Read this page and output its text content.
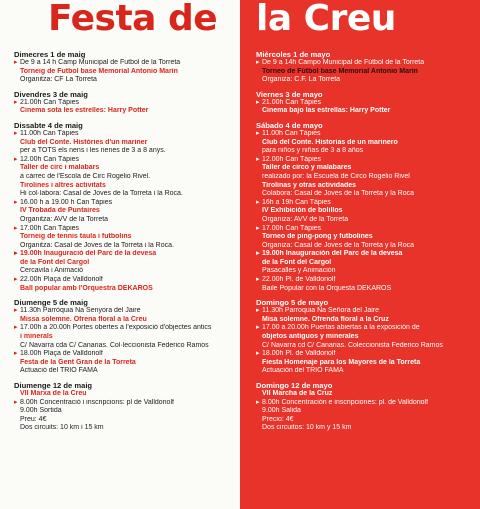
Festa de la Creu
Dimecres 1 de maig
▸ De 9 a 14 h Camp Municipal de Futbol de la Torreta
Torneig de Futbol base Memorial Antonio Marín
Organitza: CF La Torreta
Divendres 3 de maig
▸ 21.00h Can Tàpies
Cinema sota les estrelles: Harry Potter
Dissabte 4 de maig
▸ 11.00h Can Tàpies
Club del Conte. Històries d'un mariner
per a TOTS els nens i les nenes de 3 a 8 anys.
▸ 12.00h Can Tàpies
Taller de circ i malabars
a càrrec de l'Escola de Circ Rogelio Rivel.
Tirolines i altres activitats
Hi col·labora: Casal de Joves de la Torreta i la Roca.
▸ 16.00 h a 19.00 h Can Tàpies
IV Trobada de Puntaires
Organitza: AVV de la Torreta
▸ 17.00h Can Tàpies
Torneig de tennis taula i futbolins
Organitza: Casal de Joves de la Torreta i la Roca.
▸ 19.00h Inauguració del Parc de la devesa
de la Font del Cargol
Cercavila i Animació
▸ 22.00h Plaça de Valldoriolf
Ball popular amb l'Orquestra DEKAROS
Diumenge 5 de maig
▸ 11.30h Parròquia Na Senyora del Jaire
Missa solemne. Ofrena floral a la Creu
▸ 17.00h a 20.00h Portes obertes a l'exposició d'objectes antics
i minerals
C/ Navarra cda C/ Canarias. Col·leccionista Federico Ramos
▸ 18.00h Plaça de Valldoriolf
Festa de la Gent Gran de la Torreta
Actuació del TRIO FAMA
Diumenge 12 de maig
VII Marxa de la Creu
▸ 8.00h Concentració i inscripcions: pl de Valldoriolf
9.00h Sortida
Preu: 4€
Dos circuits: 10 km i 15 km
Miércoles 1 de mayo
▸ De 9 a 14h Campo Municipal de Fútbol de la Torreta
Torneo de Fútbol base Memorial Antonio Marín
Organiza: C.F. La Torreta
Viernes 3 de mayo
▸ 21.00h Can Tàpies
Cinema bajo las estrellas: Harry Potter
Sábado 4 de mayo
▸ 11.00h Can Tàpies
Club del Conte. Historias de un marinero
para niños y niñas de 3 a 8 años
▸ 12.00h Can Tàpies
Taller de circo y malabares
realizado por: la Escuela de Circo Rogelio Rivel
Tirolinas y otras actividades
Colabora: Casal de Joves de la Torreta y la Roca
▸ 16h a 19h Can Tàpies
IV Exhibición de bolillos
Organiza: AVV de la Torreta
▸ 17.00h Can Tàpies
Torneo de ping-pong y futbolines
Organiza: Casal de Joves de la Torreta y la Roca
▸ 19.00h Inauguración del Parc de la devesa
de la Font del Cargol
Pasacalles y Animación
▸ 22.00h Pl. de Valldoriolf
Baile Popular con la Orquesta DEKAROS
Domingo 5 de mayo
▸ 11.30h Parroquia Na Señora del Jaire
Misa solemne. Ofrenda floral a la Cruz
▸ 17.00 a 20.00h Puertas abiertas a la exposición de
objetos antiguos y minerales
C/ Navarra cd C/ Canarias. Coleccionista Federico Ramos
▸ 18.00h Pl. de Valldoriolf
Fiesta Homenaje para los Mayores de la Torreta
Actuación del TRIO FAMA
Domingo 12 de mayo
VII Marcha de la Cruz
▸ 8.00h Concentración e inscripciones: pl. de Valldoriolf
9.00h Salida
Precio: 4€
Dos circuitos: 10 km y 15 km
